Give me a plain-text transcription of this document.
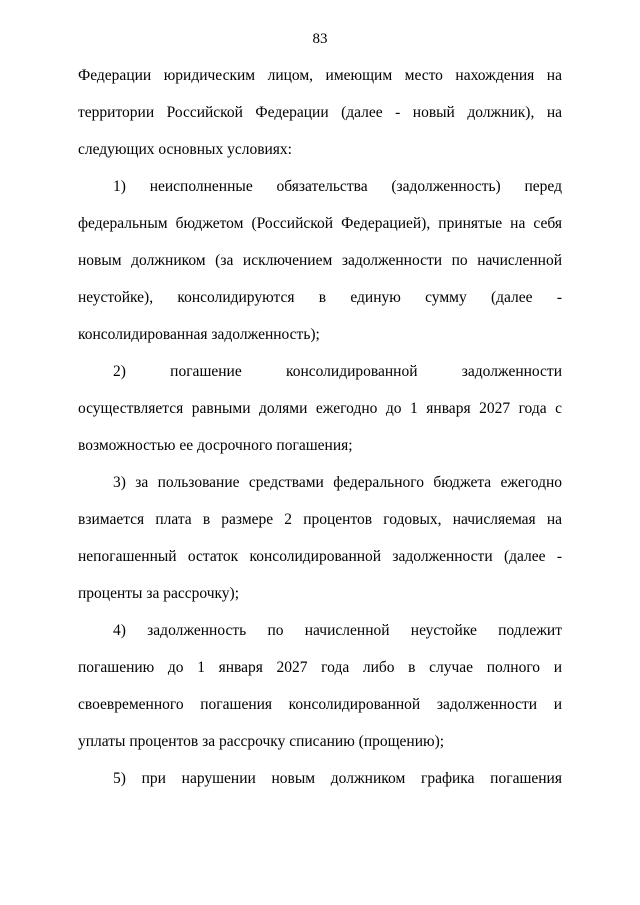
83
Федерации юридическим лицом, имеющим место нахождения на
территории Российской Федерации (далее - новый должник), на
следующих основных условиях:
1) неисполненные обязательства (задолженность) перед
федеральным бюджетом (Российской Федерацией), принятые на себя
новым должником (за исключением задолженности по начисленной
неустойке), консолидируются в единую сумму (далее -
консолидированная задолженность);
2) погашение консолидированной задолженности
осуществляется равными долями ежегодно до 1 января 2027 года с
возможностью ее досрочного погашения;
3) за пользование средствами федерального бюджета ежегодно
взимается плата в размере 2 процентов годовых, начисляемая на
непогашенный остаток консолидированной задолженности (далее -
проценты за рассрочку);
4) задолженность по начисленной неустойке подлежит
погашению до 1 января 2027 года либо в случае полного и
своевременного погашения консолидированной задолженности и
уплаты процентов за рассрочку списанию (прощению);
5) при нарушении новым должником графика погашения
